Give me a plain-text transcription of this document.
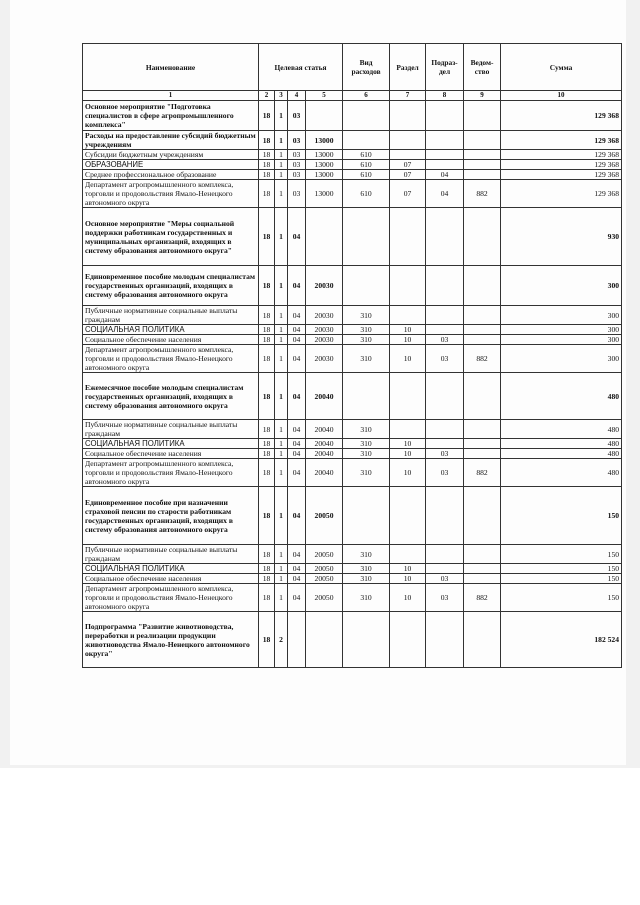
Наименование	Целевая статья				Вид расходов	Раздел	Подраз-дел	Ведом-ство	Сумма
1	2	3	4	5	6	7	8	9	10
Основное мероприятие "Подготовка специалистов в сфере агропромышленного комплекса"	18	1	03						129 368
Расходы на предоставление субсидий бюджетным учреждениям	18	1	03	13000					129 368
Субсидии бюджетным учреждениям	18	1	03	13000	610				129 368
ОБРАЗОВАНИЕ	18	1	03	13000	610	07			129 368
Среднее профессиональное образование	18	1	03	13000	610	07	04		129 368
Департамент агропромышленного комплекса, торговли и продовольствия Ямало-Ненецкого автономного округа	18	1	03	13000	610	07	04	882	129 368
Основное мероприятие "Меры социальной поддержки работникам государственных и муниципальных организаций, входящих в систему образования автономного округа"	18	1	04						930
Единовременное пособие молодым специалистам государственных организаций, входящих в систему образования автономного округа	18	1	04	20030					300
Публичные нормативные социальные выплаты гражданам	18	1	04	20030	310				300
СОЦИАЛЬНАЯ ПОЛИТИКА	18	1	04	20030	310	10			300
Социальное обеспечение населения	18	1	04	20030	310	10	03		300
Департамент агропромышленного комплекса, торговли и продовольствия Ямало-Ненецкого автономного округа	18	1	04	20030	310	10	03	882	300
Ежемесячное пособие молодым специалистам государственных организаций, входящих в систему образования автономного округа	18	1	04	20040					480
Публичные нормативные социальные выплаты гражданам	18	1	04	20040	310				480
СОЦИАЛЬНАЯ ПОЛИТИКА	18	1	04	20040	310	10			480
Социальное обеспечение населения	18	1	04	20040	310	10	03		480
Департамент агропромышленного комплекса, торговли и продовольствия Ямало-Ненецкого автономного округа	18	1	04	20040	310	10	03	882	480
Единовременное пособие при назначении страховой пенсии по старости работникам государственных организаций, входящих в систему образования автономного округа	18	1	04	20050					150
Публичные нормативные социальные выплаты гражданам	18	1	04	20050	310				150
СОЦИАЛЬНАЯ ПОЛИТИКА	18	1	04	20050	310	10			150
Социальное обеспечение населения	18	1	04	20050	310	10	03		150
Департамент агропромышленного комплекса, торговли и продовольствия Ямало-Ненецкого автономного округа	18	1	04	20050	310	10	03	882	150
Подпрограмма "Развитие животноводства, переработки и реализации продукции животноводства Ямало-Ненецкого автономного округа"	18	2							182 524
